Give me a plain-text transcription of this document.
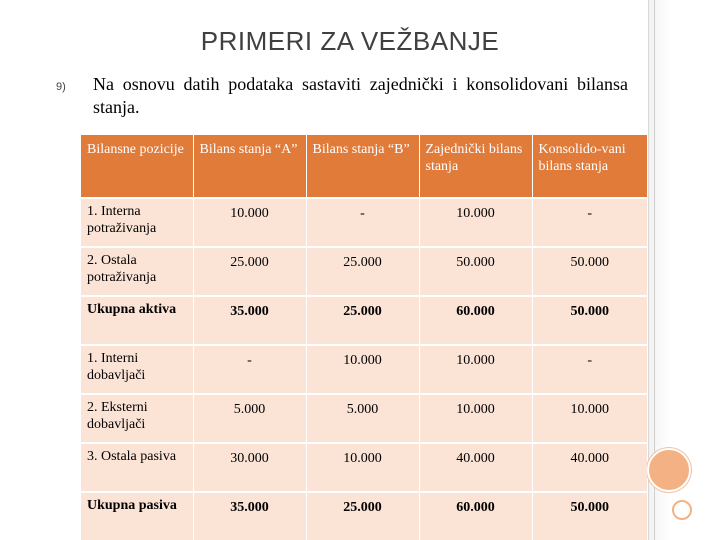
PRIMERI ZA VEŽBANJE
9) Na osnovu datih podataka sastaviti zajednički i konsolidovani bilansa stanja.
Bilansne pozicije	Bilans stanja “A”	Bilans stanja “B”	Zajednički bilans stanja	Konsolido-vani bilans stanja
1. Interna potraživanja	10.000	-	10.000	-
2. Ostala potraživanja	25.000	25.000	50.000	50.000
Ukupna aktiva	35.000	25.000	60.000	50.000
1. Interni dobavljači	-	10.000	10.000	-
2. Eksterni dobavljači	5.000	5.000	10.000	10.000
3. Ostala pasiva	30.000	10.000	40.000	40.000
Ukupna pasiva	35.000	25.000	60.000	50.000
